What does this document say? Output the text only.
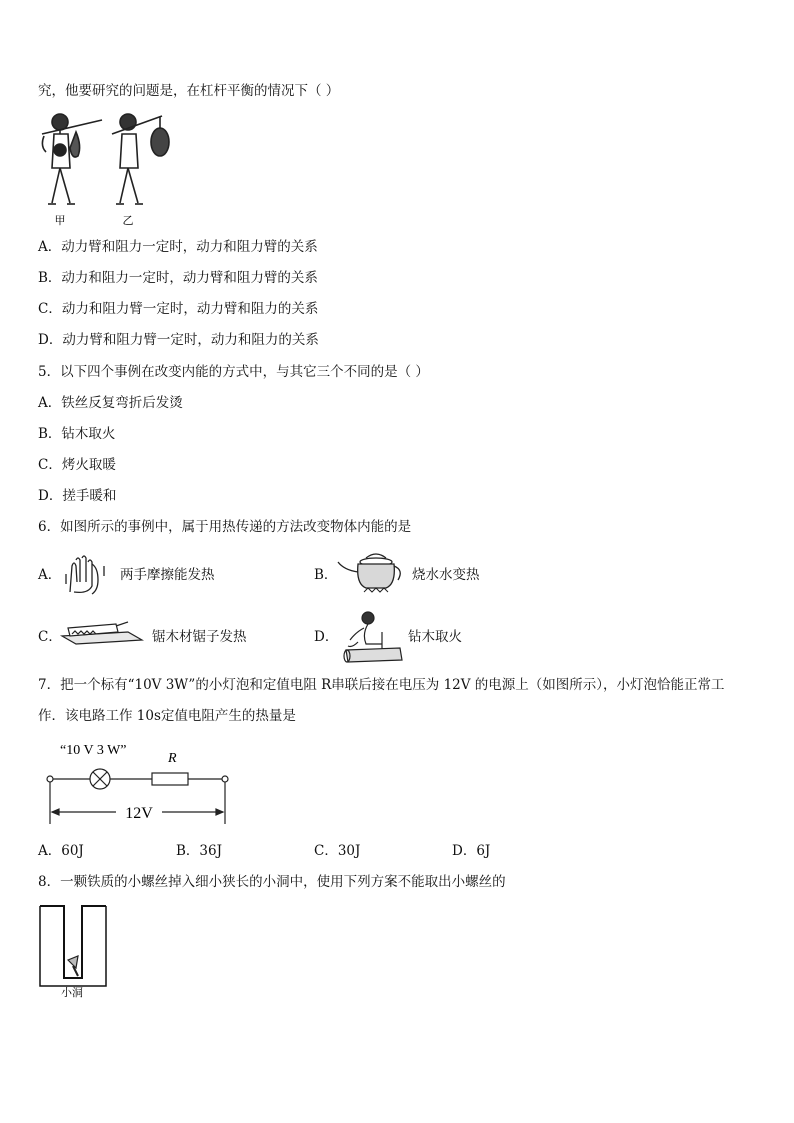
究，他要研究的问题是，在杠杆平衡的情况下（ ）
甲	乙
A．动力臂和阻力一定时，动力和阻力臂的关系
B．动力和阻力一定时，动力臂和阻力臂的关系
C．动力和阻力臂一定时，动力臂和阻力的关系
D．动力臂和阻力臂一定时，动力和阻力的关系
5．以下四个事例在改变内能的方式中，与其它三个不同的是（ ）
A．铁丝反复弯折后发烫
B．钻木取火
C．烤火取暖
D．搓手暖和
6．如图所示的事例中，属于用热传递的方法改变物体内能的是
A．	两手摩擦能发热	B．	烧水水变热
C．	锯木材锯子发热	D．	钻木取火
7．把一个标有“10V 3W”的小灯泡和定值电阻 R串联后接在电压为 12V 的电源上（如图所示），小灯泡恰能正常工
作．该电路工作 10s定值电阻产生的热量是
“10 V 3 W”
R
12V
A．60J	B．36J	C．30J	D．6J
8．一颗铁质的小螺丝掉入细小狭长的小洞中，使用下列方案不能取出小螺丝的
小洞
